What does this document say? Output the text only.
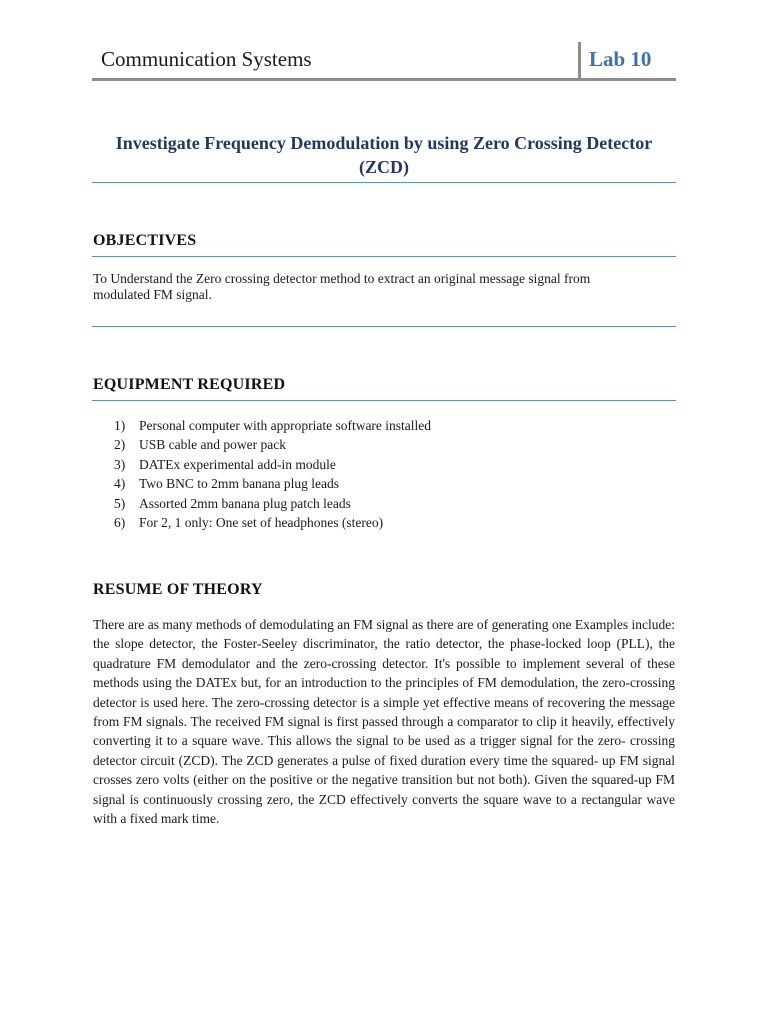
Communication Systems	Lab 10
Investigate Frequency Demodulation by using Zero Crossing Detector (ZCD)
OBJECTIVES
To Understand the Zero crossing detector method to extract an original message signal from modulated FM signal.
EQUIPMENT REQUIRED
1)	Personal computer with appropriate software installed
2)	USB cable and power pack
3)	DATEx experimental add-in module
4)	Two BNC to 2mm banana plug leads
5)	Assorted 2mm banana plug patch leads
6)	For 2, 1 only: One set of headphones (stereo)
RESUME OF THEORY
There are as many methods of demodulating an FM signal as there are of generating one Examples include: the slope detector, the Foster-Seeley discriminator, the ratio detector, the phase-locked loop (PLL), the quadrature FM demodulator and the zero-crossing detector. It's possible to implement several of these methods using the DATEx but, for an introduction to the principles of FM demodulation, the zero-crossing detector is used here. The zero-crossing detector is a simple yet effective means of recovering the message from FM signals. The received FM signal is first passed through a comparator to clip it heavily, effectively converting it to a square wave. This allows the signal to be used as a trigger signal for the zero- crossing detector circuit (ZCD). The ZCD generates a pulse of fixed duration every time the squared- up FM signal crosses zero volts (either on the positive or the negative transition but not both). Given the squared-up FM signal is continuously crossing zero, the ZCD effectively converts the square wave to a rectangular wave with a fixed mark time.
